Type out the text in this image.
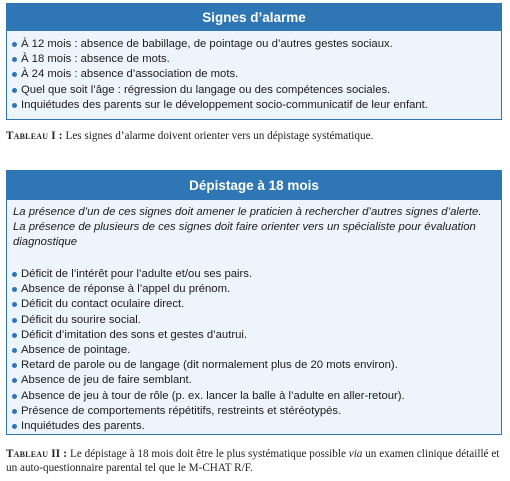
Signes d’alarme
À 12 mois : absence de babillage, de pointage ou d’autres gestes sociaux.
À 18 mois : absence de mots.
À 24 mois : absence d’association de mots.
Quel que soit l’âge : régression du langage ou des compétences sociales.
Inquiétudes des parents sur le développement socio-communicatif de leur enfant.
Tableau I : Les signes d’alarme doivent orienter vers un dépistage systématique.
Dépistage à 18 mois

La présence d’un de ces signes doit amener le praticien à rechercher d’autres signes d’alerte. La présence de plusieurs de ces signes doit faire orienter vers un spécialiste pour évaluation diagnostique

Déficit de l’intérêt pour l’adulte et/ou ses pairs.
Absence de réponse à l’appel du prénom.
Déficit du contact oculaire direct.
Déficit du sourire social.
Déficit d’imitation des sons et gestes d’autrui.
Absence de pointage.
Retard de parole ou de langage (dit normalement plus de 20 mots environ).
Absence de jeu de faire semblant.
Absence de jeu à tour de rôle (p. ex. lancer la balle à l’adulte en aller-retour).
Présence de comportements répétitifs, restreints et stéréotypés.
Inquiétudes des parents.
Tableau II : Le dépistage à 18 mois doit être le plus systématique possible via un examen clinique détaillé et un auto-questionnaire parental tel que le M-CHAT R/F.
